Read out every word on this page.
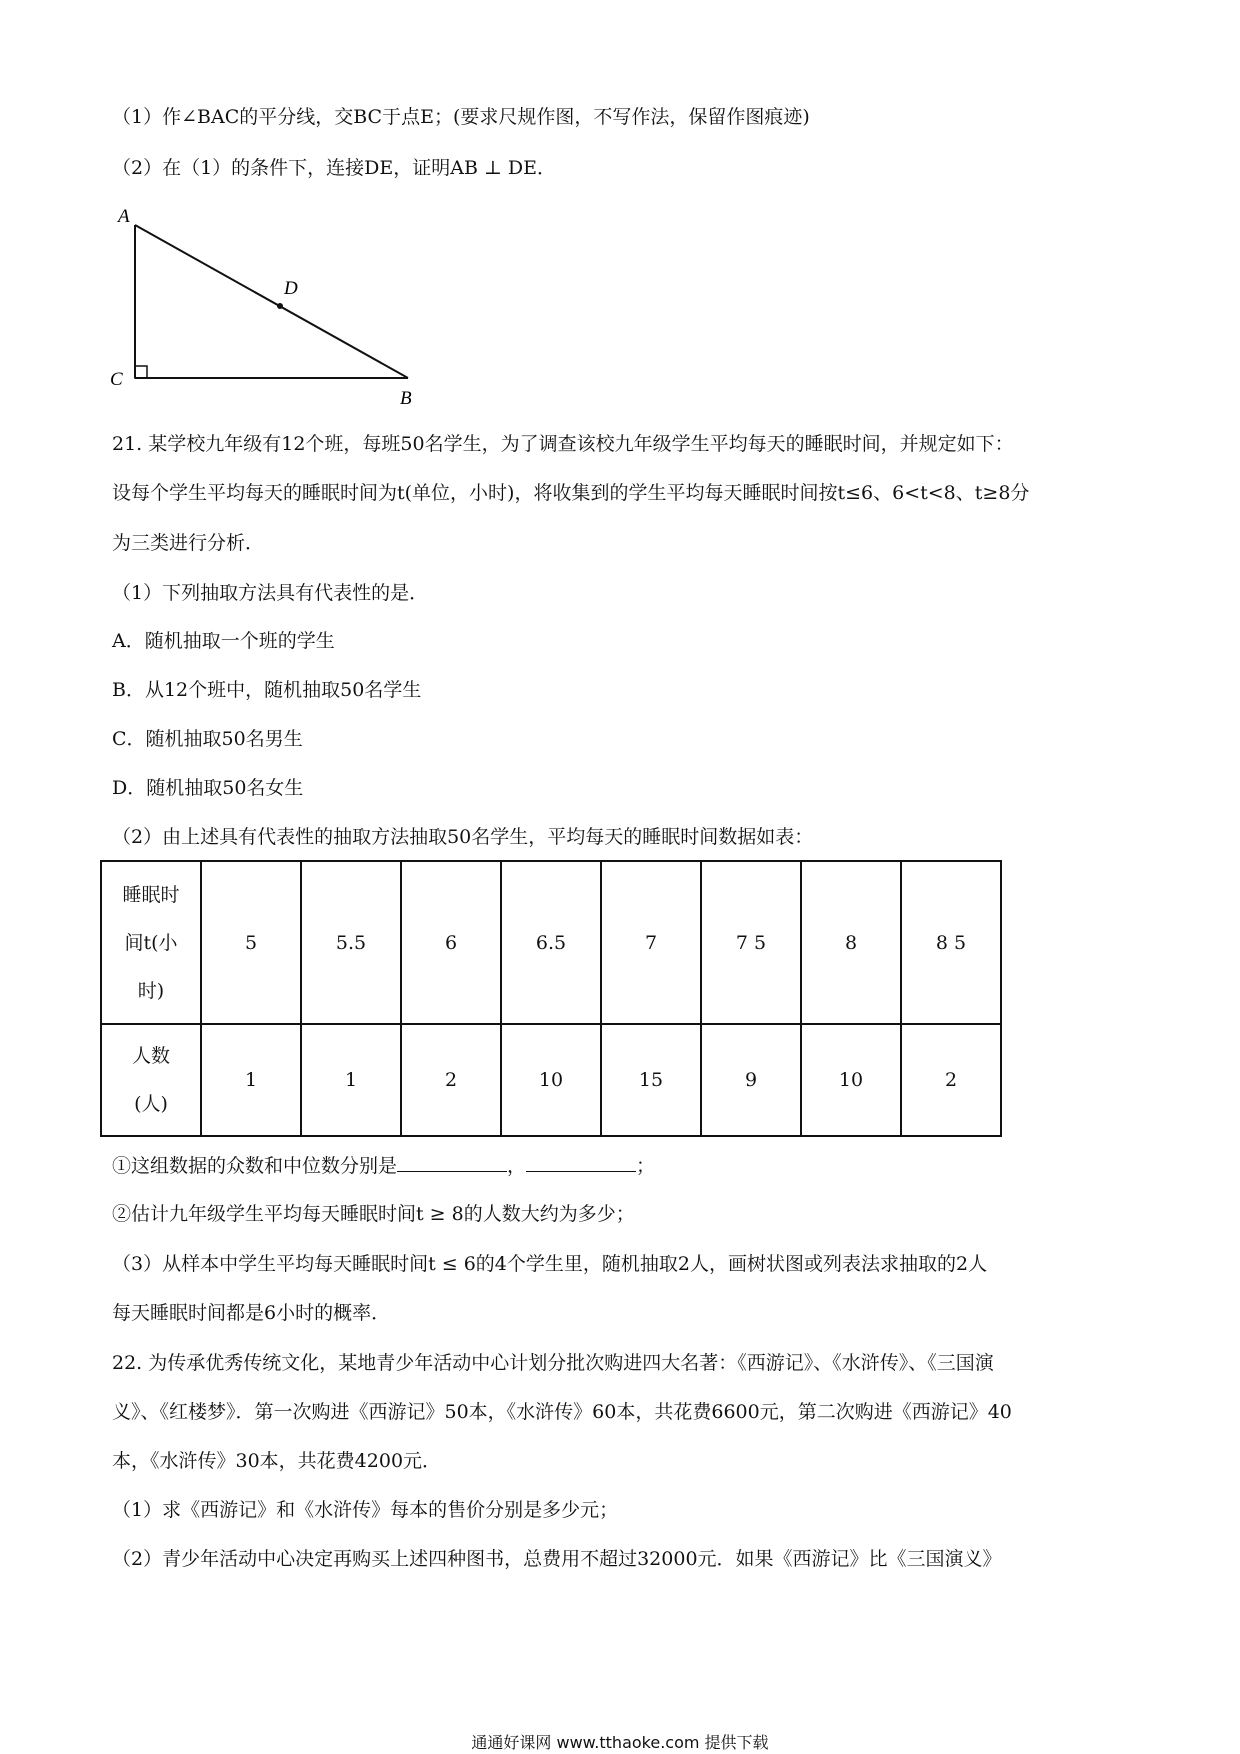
（1）作∠BAC的平分线，交BC于点E；(要求尺规作图，不写作法，保留作图痕迹)
（2）在（1）的条件下，连接DE，证明AB ⊥ DE．
A
C
B
D
21. 某学校九年级有12个班，每班50名学生，为了调查该校九年级学生平均每天的睡眠时间，并规定如下：
设每个学生平均每天的睡眠时间为t(单位，小时)，将收集到的学生平均每天睡眠时间按t≤6、6<t<8、t≥8分
为三类进行分析．
（1）下列抽取方法具有代表性的是．
A．随机抽取一个班的学生
B．从12个班中，随机抽取50名学生
C．随机抽取50名男生
D．随机抽取50名女生
（2）由上述具有代表性的抽取方法抽取50名学生，平均每天的睡眠时间数据如表：
睡眠时
间t(小
时)	5	5.5	6	6.5	7	7 5	8	8 5

人数
(人)	1	1	2	10	15	9	10	2
①这组数据的众数和中位数分别是	，	；
②估计九年级学生平均每天睡眠时间t ≥ 8的人数大约为多少；
（3）从样本中学生平均每天睡眠时间t ≤ 6的4个学生里，随机抽取2人，画树状图或列表法求抽取的2人
每天睡眠时间都是6小时的概率．
22. 为传承优秀传统文化，某地青少年活动中心计划分批次购进四大名著：《西游记》、《水浒传》、《三国演
义》、《红楼梦》．第一次购进《西游记》50本，《水浒传》60本，共花费6600元，第二次购进《西游记》40
本，《水浒传》30本，共花费4200元．
（1）求《西游记》和《水浒传》每本的售价分别是多少元；
（2）青少年活动中心决定再购买上述四种图书，总费用不超过32000元．如果《西游记》比《三国演义》
通通好课网 www.tthaoke.com 提供下载
